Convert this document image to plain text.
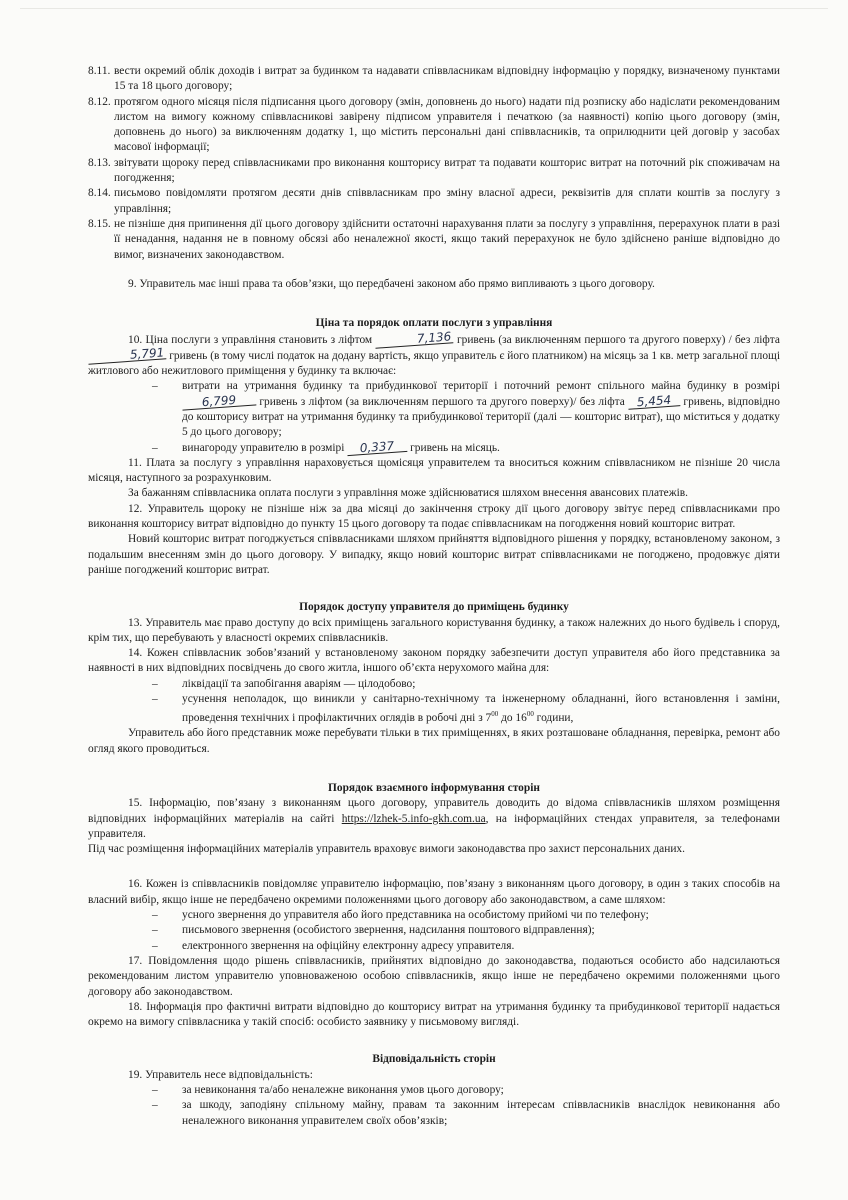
8.11. вести окремий облік доходів і витрат за будинком та надавати співвласникам відповідну інформацію у порядку, визначеному пунктами 15 та 18 цього договору;
8.12. протягом одного місяця після підписання цього договору (змін, доповнень до нього) надати під розписку або надіслати рекомендованим листом на вимогу кожному співвласникові завірену підписом управителя і печаткою (за наявності) копію цього договору (змін, доповнень до нього) за виключенням додатку 1, що містить персональні дані співвласників, та оприлюднити цей договір у засобах масової інформації;
8.13. звітувати щороку перед співвласниками про виконання кошторису витрат та подавати кошторис витрат на поточний рік споживачам на погодження;
8.14. письмово повідомляти протягом десяти днів співвласникам про зміну власної адреси, реквізитів для сплати коштів за послугу з управління;
8.15. не пізніше дня припинення дії цього договору здійснити остаточні нарахування плати за послугу з управління, перерахунок плати в разі її ненадання, надання не в повному обсязі або неналежної якості, якщо такий перерахунок не було здійснено раніше відповідно до вимог, визначених законодавством.
9. Управитель має інші права та обов’язки, що передбачені законом або прямо випливають з цього договору.
Ціна та порядок оплати послуги з управління
10. Ціна послуги з управління становить з ліфтом	7,136 гривень (за виключенням першого та другого поверху) / без ліфта 5,791 гривень (в тому числі податок на додану вартість, якщо управитель є його платником) на місяць за 1 кв. метр загальної площі житлового або нежитлового приміщення у будинку та включає:
–	витрати на утримання будинку та прибудинкової території і поточний ремонт спільного майна будинку в розмірі 6,799 гривень з ліфтом (за виключенням першого та другого поверху)/ без ліфта 5,454 гривень, відповідно до кошторису витрат на утримання будинку та прибудинкової території (далі — кошторис витрат), що міститься у додатку 5 до цього договору;
–	винагороду управителю в розмірі 0,337 гривень на місяць.
11. Плата за послугу з управління нараховується щомісяця управителем та вноситься кожним співвласником не пізніше 20 числа місяця, наступного за розрахунковим.
За бажанням співвласника оплата послуги з управління може здійснюватися шляхом внесення авансових платежів.
12. Управитель щороку не пізніше ніж за два місяці до закінчення строку дії цього договору звітує перед співвласниками про виконання кошторису витрат відповідно до пункту 15 цього договору та подає співвласникам на погодження новий кошторис витрат.
Новий кошторис витрат погоджується співвласниками шляхом прийняття відповідного рішення у порядку, встановленому законом, з подальшим внесенням змін до цього договору. У випадку, якщо новий кошторис витрат співвласниками не погоджено, продовжує діяти раніше погоджений кошторис витрат.
Порядок доступу управителя до приміщень будинку
13. Управитель має право доступу до всіх приміщень загального користування будинку, а також належних до нього будівель і споруд, крім тих, що перебувають у власності окремих співвласників.
14. Кожен співвласник зобов’язаний у встановленому законом порядку забезпечити доступ управителя або його представника за наявності в них відповідних посвідчень до свого житла, іншого об’єкта нерухомого майна для:
–	ліквідації та запобігання аваріям — цілодобово;
–	усунення неполадок, що виникли у санітарно-технічному та інженерному обладнанні, його встановлення і заміни, проведення технічних і профілактичних оглядів в робочі дні з $7^{00}$ до $16^{00}$ години,
Управитель або його представник може перебувати тільки в тих приміщеннях, в яких розташоване обладнання, перевірка, ремонт або огляд якого проводиться.
Порядок взаємного інформування сторін
15. Інформацію, пов’язану з виконанням цього договору, управитель доводить до відома співвласників шляхом розміщення відповідних інформаційних матеріалів на сайті https://lzhek-5.info-gkh.com.ua, на інформаційних стендах управителя, за телефонами управителя.
Під час розміщення інформаційних матеріалів управитель враховує вимоги законодавства про захист персональних даних.
16. Кожен із співвласників повідомляє управителю інформацію, пов’язану з виконанням цього договору, в один з таких способів на власний вибір, якщо інше не передбачено окремими положеннями цього договору або законодавством, а саме шляхом:
–	усного звернення до управителя або його представника на особистому прийомі чи по телефону;
–	письмового звернення (особистого звернення, надсилання поштового відправлення);
–	електронного звернення на офіційну електронну адресу управителя.
17. Повідомлення щодо рішень співвласників, прийнятих відповідно до законодавства, подаються особисто або надсилаються рекомендованим листом управителю уповноваженою особою співвласників, якщо інше не передбачено окремими положеннями цього договору або законодавством.
18. Інформація про фактичні витрати відповідно до кошторису витрат на утримання будинку та прибудинкової території надається окремо на вимогу співвласника у такій спосіб: особисто заявнику у письмовому вигляді.
Відповідальність сторін
19. Управитель несе відповідальність:
–	за невиконання та/або неналежне виконання умов цього договору;
–	за шкоду, заподіяну спільному майну, правам та законним інтересам співвласників внаслідок невиконання або неналежного виконання управителем своїх обов’язків;
